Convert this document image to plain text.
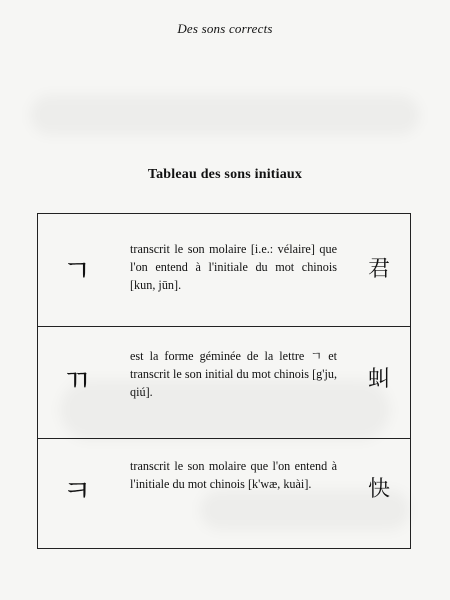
Des sons corrects
Tableau des sons initiaux
ㄱ
transcrit le son molaire [i.e.: vélaire] que l'on entend à l'initiale du mot chinois [kun, jūn].
君
ㄲ
est la forme géminée de la lettre ㄱ et transcrit le son initial du mot chinois [g'ju, qiú].	虯
ㅋ
transcrit le son molaire que l'on entend à l'initiale du mot chinois [k'wæ, kuài].	快
